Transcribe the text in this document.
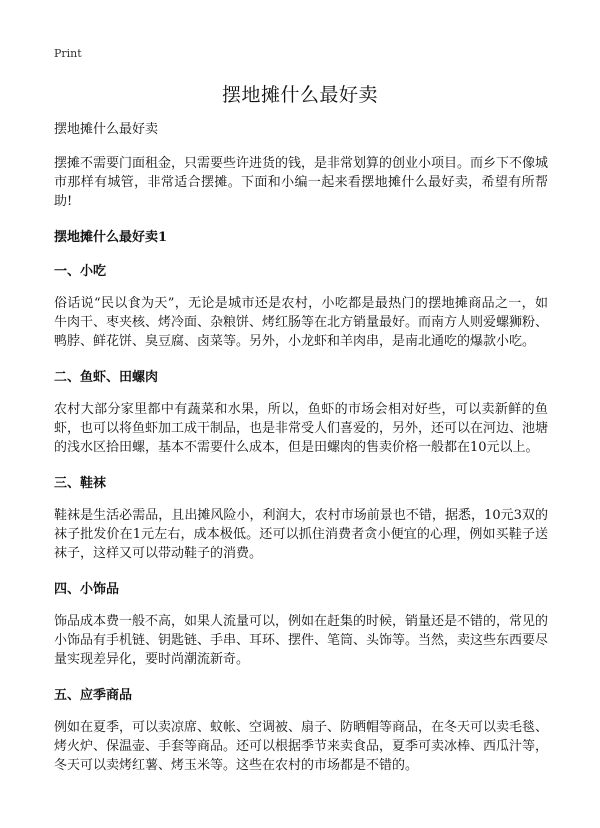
Print
摆地摊什么最好卖

摆地摊什么最好卖

摆摊不需要门面租金，只需要些许进货的钱，是非常划算的创业小项目。而乡下不像城市那样有城管，非常适合摆摊。下面和小编一起来看摆地摊什么最好卖，希望有所帮助!

摆地摊什么最好卖1

一、小吃

俗话说“民以食为天”，无论是城市还是农村，小吃都是最热门的摆地摊商品之一，如牛肉干、枣夹核、烤冷面、杂粮饼、烤红肠等在北方销量最好。而南方人则爱螺狮粉、鸭脖、鲜花饼、臭豆腐、卤菜等。另外，小龙虾和羊肉串，是南北通吃的爆款小吃。

二、鱼虾、田螺肉

农村大部分家里都中有蔬菜和水果，所以，鱼虾的市场会相对好些，可以卖新鲜的鱼虾，也可以将鱼虾加工成干制品，也是非常受人们喜爱的，另外，还可以在河边、池塘的浅水区拾田螺，基本不需要什么成本，但是田螺肉的售卖价格一般都在10元以上。

三、鞋袜

鞋袜是生活必需品，且出摊风险小，利润大，农村市场前景也不错，据悉，10元3双的袜子批发价在1元左右，成本极低。还可以抓住消费者贪小便宜的心理，例如买鞋子送袜子，这样又可以带动鞋子的消费。

四、小饰品

饰品成本费一般不高，如果人流量可以，例如在赶集的时候，销量还是不错的，常见的小饰品有手机链、钥匙链、手串、耳环、摆件、笔筒、头饰等。当然，卖这些东西要尽量实现差异化，要时尚潮流新奇。

五、应季商品

例如在夏季，可以卖凉席、蚊帐、空调被、扇子、防晒帽等商品，在冬天可以卖毛毯、烤火炉、保温壶、手套等商品。还可以根据季节来卖食品，夏季可卖冰棒、西瓜汁等，冬天可以卖烤红薯、烤玉米等。这些在农村的市场都是不错的。
